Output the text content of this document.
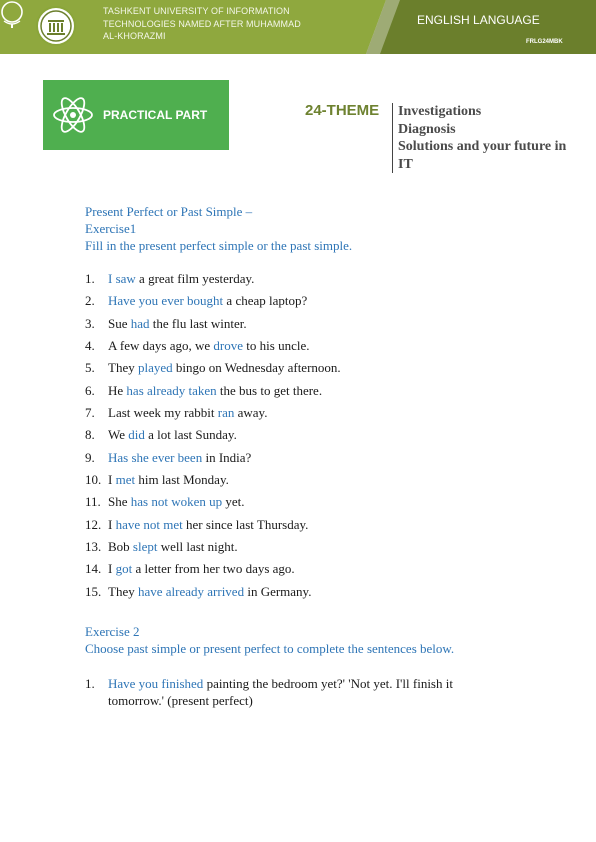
TASHKENT UNIVERSITY OF INFORMATION
TECHNOLOGIES NAMED AFTER MUHAMMAD
AL-KHORAZMI
ENGLISH LANGUAGE
FRLG24MBK
PRACTICAL PART	24-THEME Investigations
Diagnosis
Solutions and your future in
IT
Present Perfect or Past Simple –
Exercise1
Fill in the present perfect simple or the past simple.
1. I saw a great film yesterday.
2. Have you ever bought a cheap laptop?
3. Sue had the flu last winter.
4. A few days ago, we drove to his uncle.
5. They played bingo on Wednesday afternoon.
6. He has already taken the bus to get there.
7. Last week my rabbit ran away.
8. We did a lot last Sunday.
9. Has she ever been in India?
10. I met him last Monday.
11. She has not woken up yet.
12. I have not met her since last Thursday.
13. Bob slept well last night.
14. I got a letter from her two days ago.
15. They have already arrived in Germany.
Exercise 2
Choose past simple or present perfect to complete the sentences below.
1. Have you finished painting the bedroom yet?' 'Not yet. I'll finish it tomorrow.' (present perfect)
